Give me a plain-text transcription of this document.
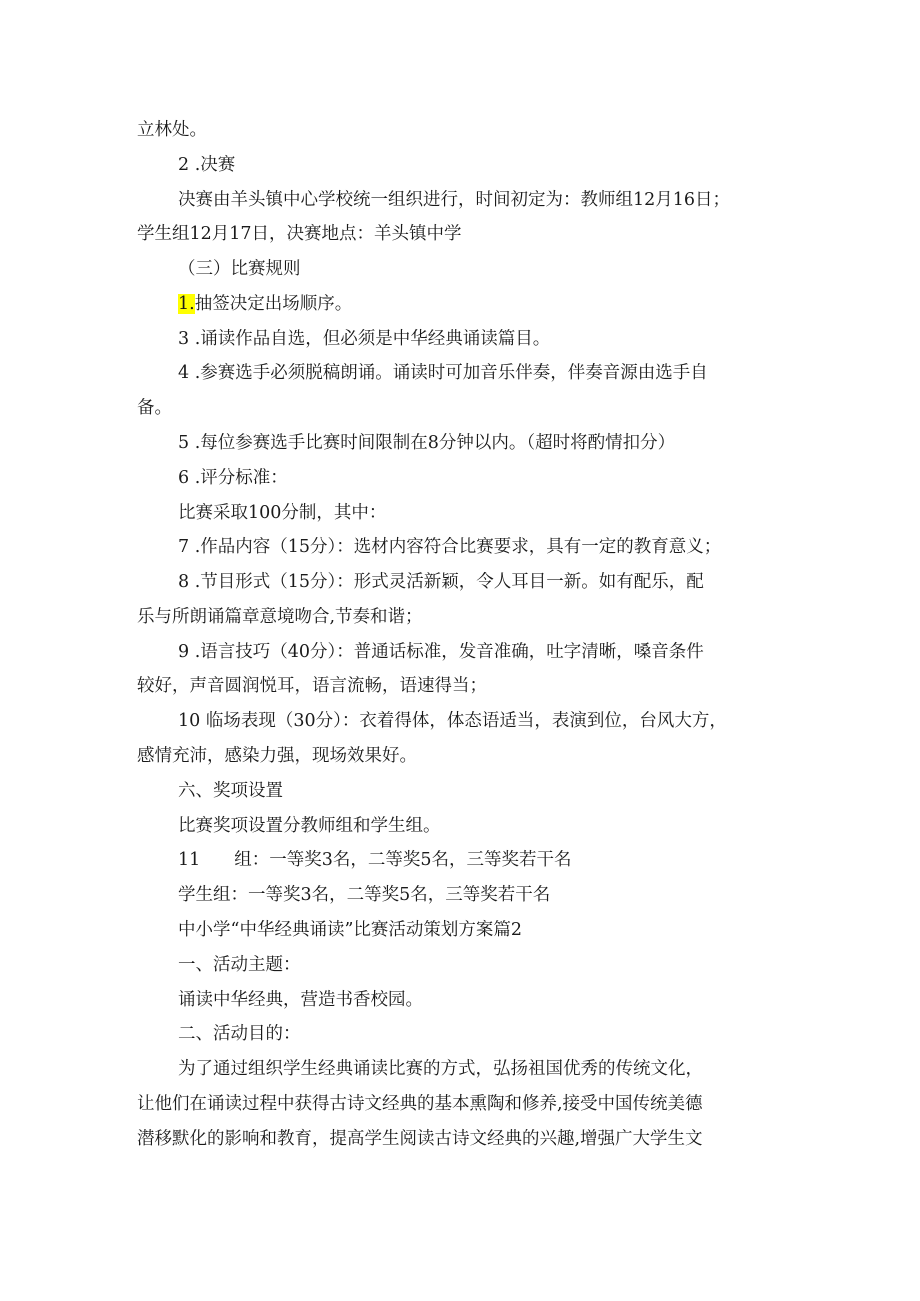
立林处。

2 .决赛

决赛由羊头镇中心学校统一组织进行，时间初定为：教师组12月16日；

学生组12月17日，决赛地点：羊头镇中学

（三）比赛规则

1.抽签决定出场顺序。

3 .诵读作品自选，但必须是中华经典诵读篇目。

4 .参赛选手必须脱稿朗诵。诵读时可加音乐伴奏，伴奏音源由选手自

备。

5 .每位参赛选手比赛时间限制在8分钟以内。（超时将酌情扣分）

6 .评分标准：

比赛采取100分制，其中：

7 .作品内容（15分）：选材内容符合比赛要求，具有一定的教育意义；

8 .节目形式（15分）：形式灵活新颖，令人耳目一新。如有配乐，配

乐与所朗诵篇章意境吻合,节奏和谐；

9 .语言技巧（40分）：普通话标准，发音准确，吐字清晰，嗓音条件

较好，声音圆润悦耳，语言流畅，语速得当；

10 临场表现（30分）：衣着得体，体态语适当，表演到位，台风大方，

感情充沛，感染力强，现场效果好。

六、奖项设置

比赛奖项设置分教师组和学生组。

11 组：一等奖3名，二等奖5名，三等奖若干名

学生组：一等奖3名，二等奖5名，三等奖若干名

中小学“中华经典诵读”比赛活动策划方案篇2

一、活动主题：

诵读中华经典，营造书香校园。

二、活动目的：

为了通过组织学生经典诵读比赛的方式，弘扬祖国优秀的传统文化，

让他们在诵读过程中获得古诗文经典的基本熏陶和修养,接受中国传统美德

潜移默化的影响和教育，提高学生阅读古诗文经典的兴趣,增强广大学生文
